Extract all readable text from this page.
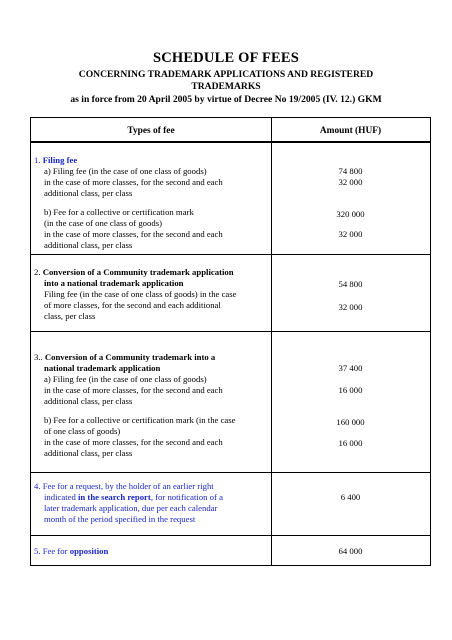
SCHEDULE OF FEES
CONCERNING TRADEMARK APPLICATIONS AND REGISTERED
TRADEMARKS
as in force from 20 April 2005 by virtue of Decree No 19/2005 (IV. 12.) GKM
Types of fee	Amount (HUF)
1. Filing fee
a) Filing fee (in the case of one class of goods)
in the case of more classes, for the second and each
additional class, per class
b) Fee for a collective or certification mark
(in the case of one class of goods)
in the case of more classes, for the second and each
additional class, per class
74 800
32 000
320 000
32 000
2. Conversion of a Community trademark application
into a national trademark application
Filing fee (in the case of one class of goods) in the case
of more classes, for the second and each additional
class, per class
54 800
32 000
3.. Conversion of a Community trademark into a
national trademark application
a) Filing fee (in the case of one class of goods)
in the case of more classes, for the second and each
additional class, per class
b) Fee for a collective or certification mark (in the case
of one class of goods)
in the case of more classes, for the second and each
additional class, per class
37 400
16 000
160 000
16 000
4. Fee for a request, by the holder of an earlier right
indicated in the search report, for notification of a
later trademark application, due per each calendar
month of the period specified in the request
6 400
5. Fee for opposition	64 000
